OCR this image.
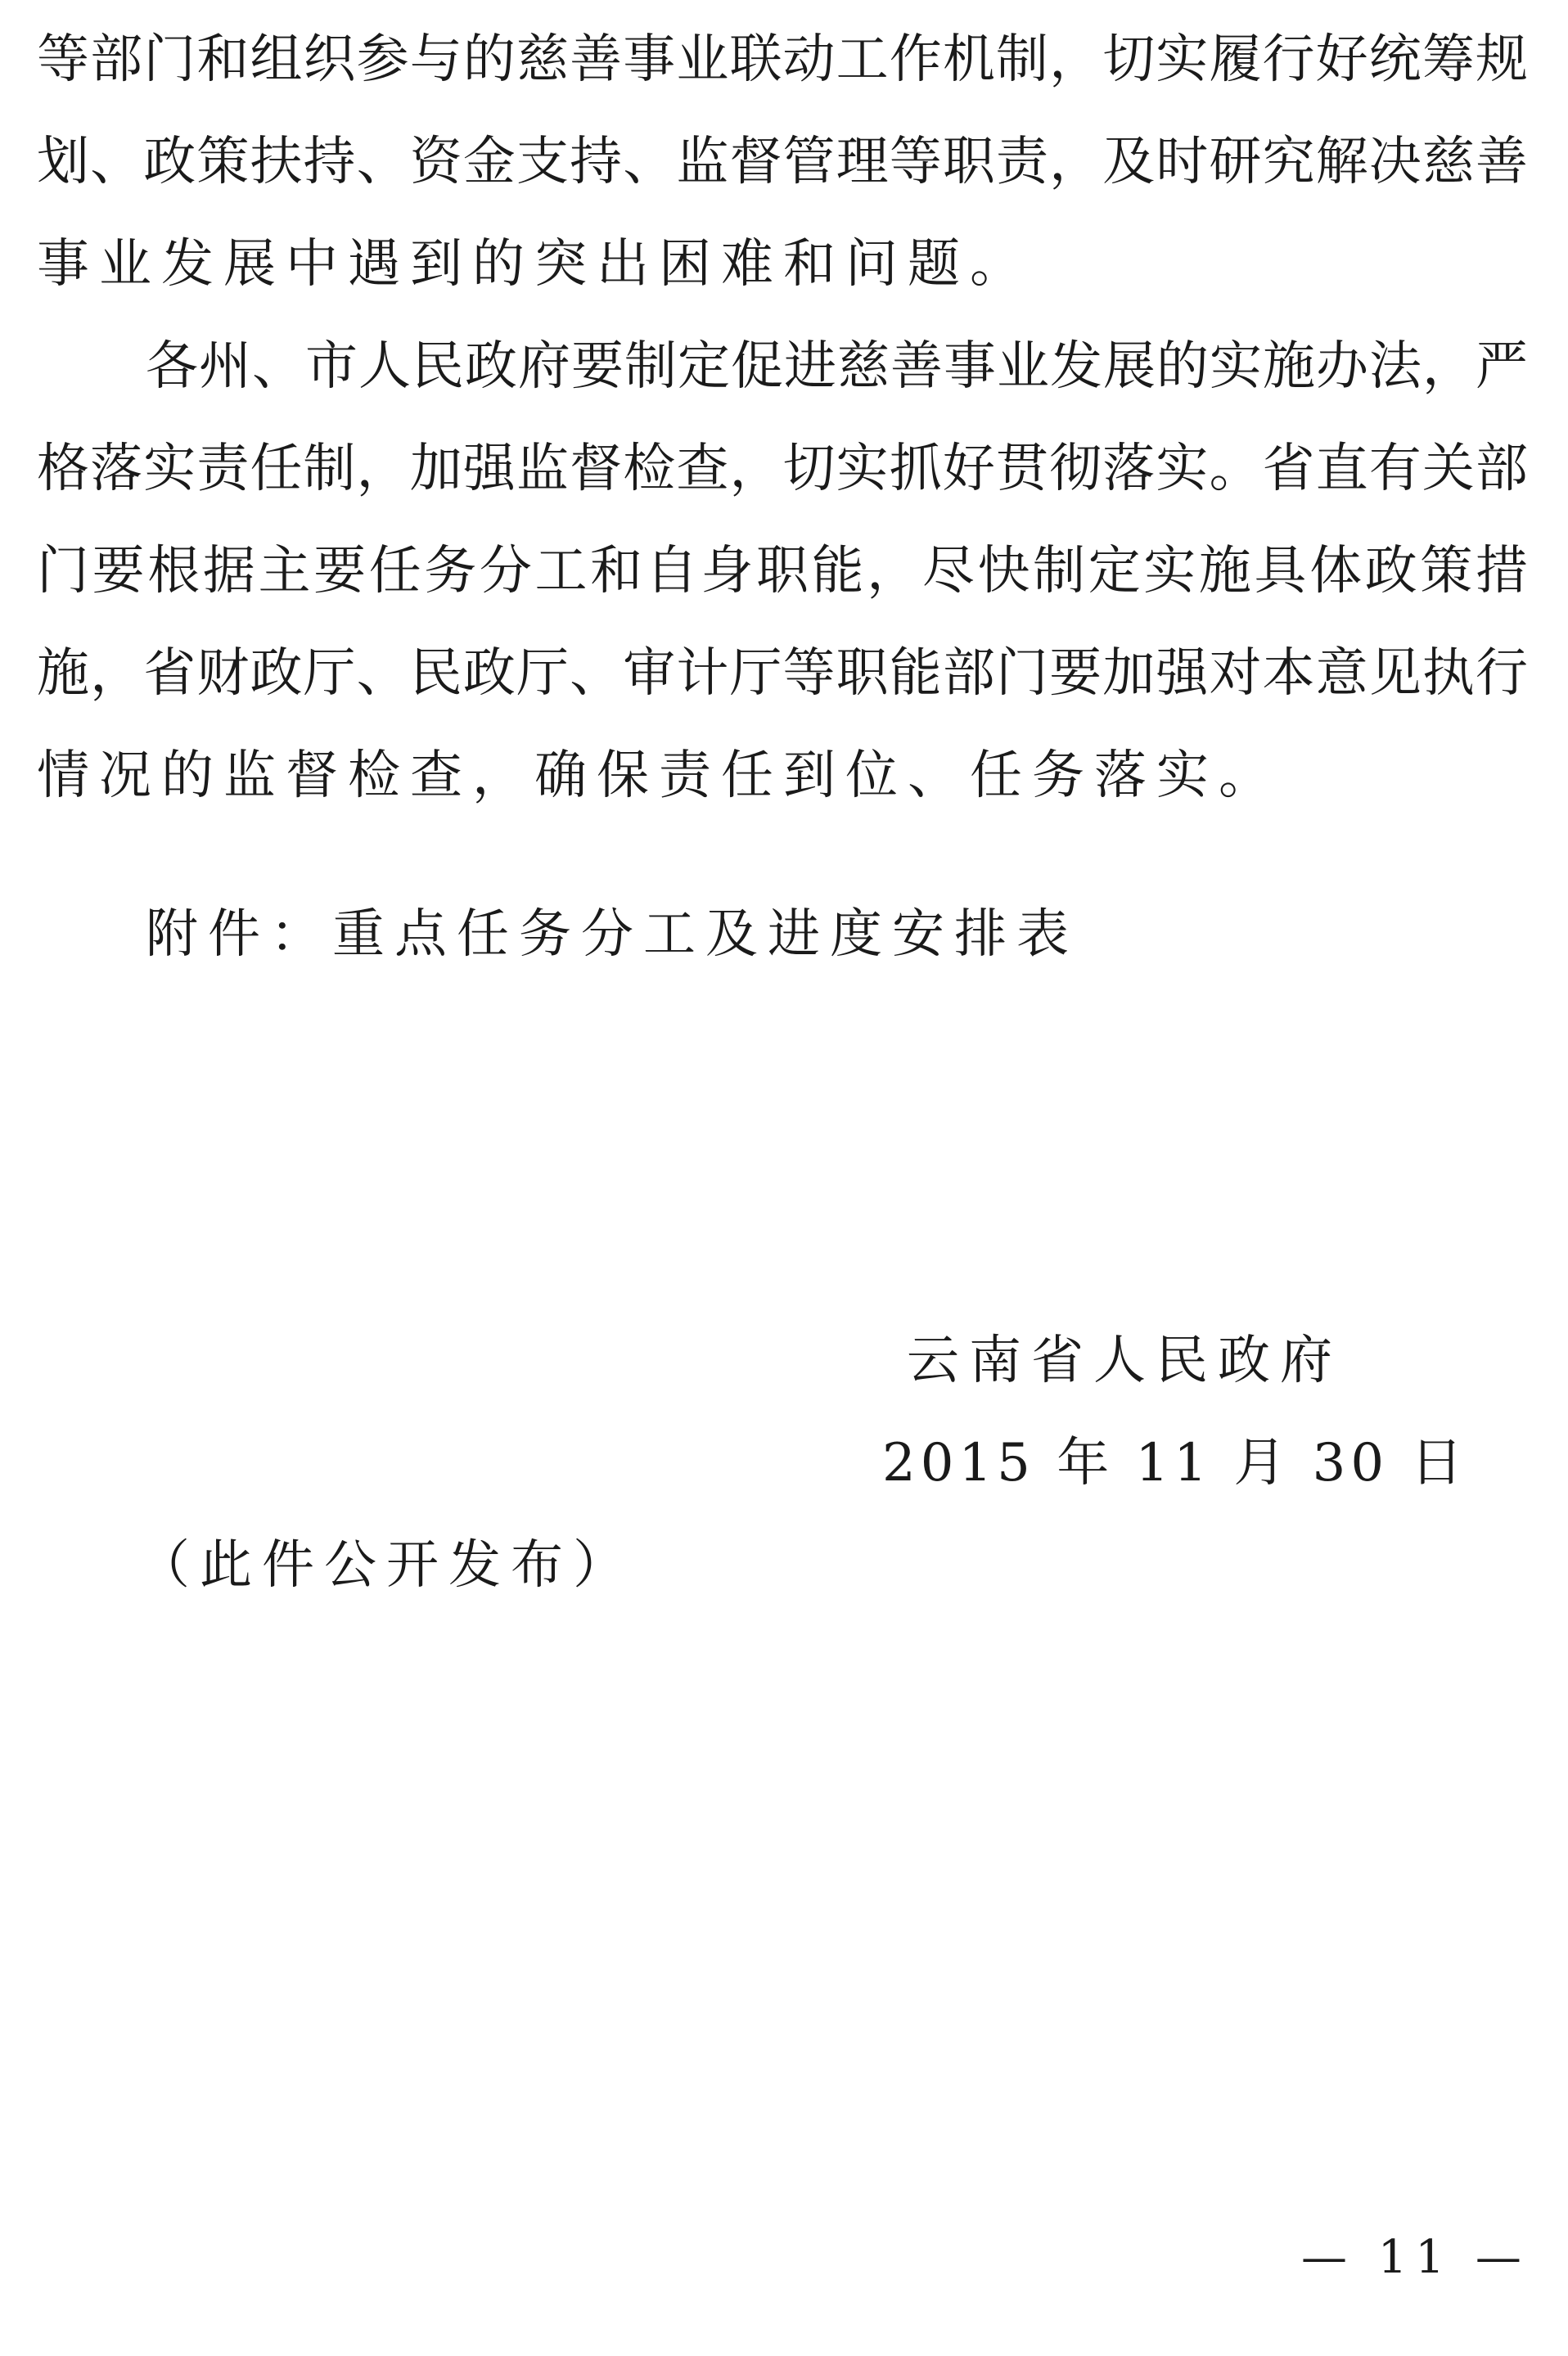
等部门和组织参与的慈善事业联动工作机制，切实履行好统筹规
划、政策扶持、资金支持、监督管理等职责，及时研究解决慈善
事业发展中遇到的突出困难和问题。
各州、市人民政府要制定促进慈善事业发展的实施办法，严
格落实责任制，加强监督检查，切实抓好贯彻落实。省直有关部
门要根据主要任务分工和自身职能，尽快制定实施具体政策措
施，省财政厅、民政厅、审计厅等职能部门要加强对本意见执行
情况的监督检查，确保责任到位、任务落实。
附件：重点任务分工及进度安排表
云南省人民政府
2015 年 11 月 30 日
（此件公开发布）
— 11 —
